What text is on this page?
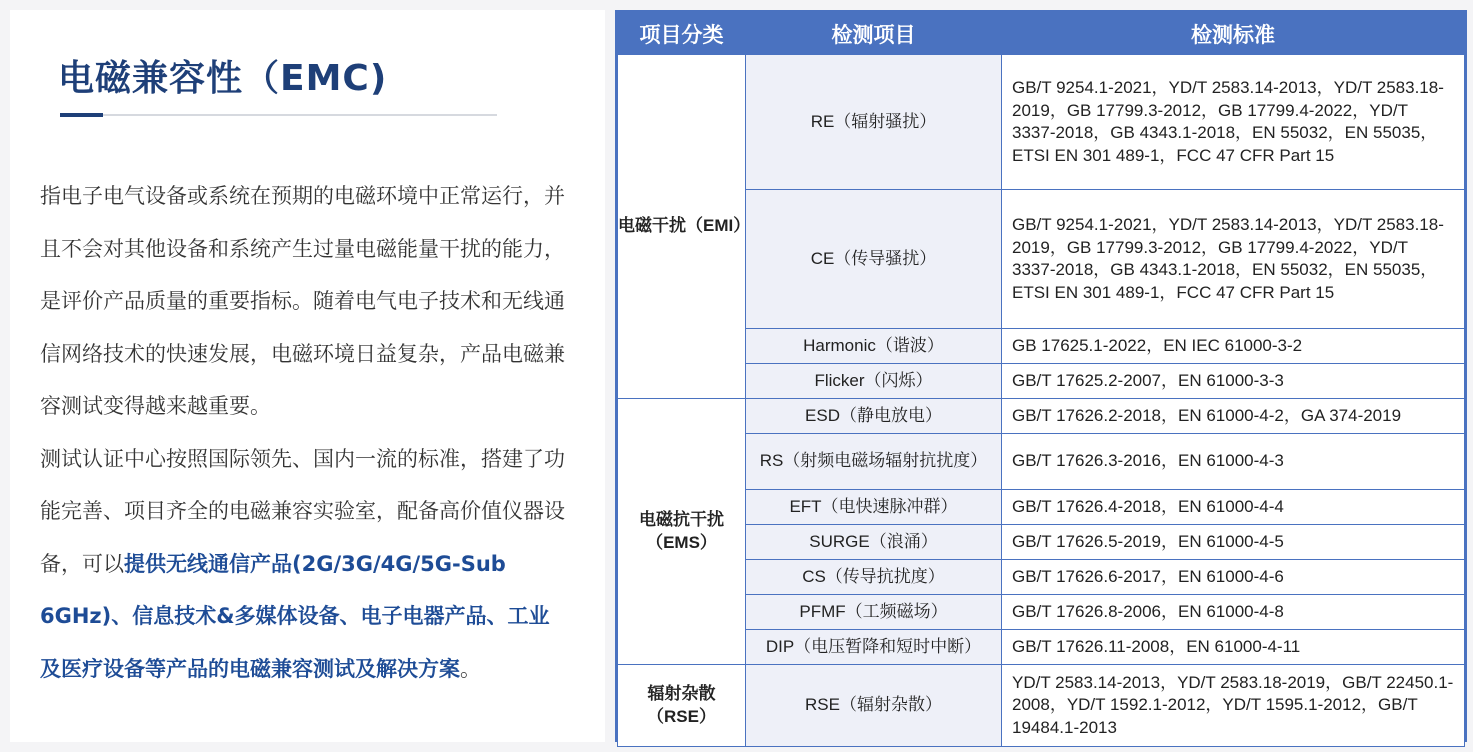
电磁兼容性（EMC)

指电子电气设备或系统在预期的电磁环境中正常运行，并且不会对其他设备和系统产生过量电磁能量干扰的能力，是评价产品质量的重要指标。随着电气电子技术和无线通信网络技术的快速发展，电磁环境日益复杂，产品电磁兼容测试变得越来越重要。

测试认证中心按照国际领先、国内一流的标准，搭建了功能完善、项目齐全的电磁兼容实验室，配备高价值仪器设备，可以提供无线通信产品(2G/3G/4G/5G-Sub 6GHz)、信息技术&多媒体设备、电子电器产品、工业及医疗设备等产品的电磁兼容测试及解决方案。

项目分类	检测项目	检测标准
电磁干扰（EMI）	RE（辐射骚扰）	GB/T 9254.1-2021，YD/T 2583.14-2013，YD/T 2583.18-2019，GB 17799.3-2012，GB 17799.4-2022，YD/T 3337-2018，GB 4343.1-2018，EN 55032，EN 55035，ETSI EN 301 489-1，FCC 47 CFR Part 15
	CE（传导骚扰）	GB/T 9254.1-2021，YD/T 2583.14-2013，YD/T 2583.18-2019，GB 17799.3-2012，GB 17799.4-2022，YD/T 3337-2018，GB 4343.1-2018，EN 55032，EN 55035，ETSI EN 301 489-1，FCC 47 CFR Part 15
	Harmonic（谐波）	GB 17625.1-2022，EN IEC 61000-3-2
	Flicker（闪烁）	GB/T 17625.2-2007，EN 61000-3-3
电磁抗干扰（EMS）	ESD（静电放电）	GB/T 17626.2-2018，EN 61000-4-2，GA 374-2019
	RS（射频电磁场辐射抗扰度）	GB/T 17626.3-2016，EN 61000-4-3
	EFT（电快速脉冲群）	GB/T 17626.4-2018，EN 61000-4-4
	SURGE（浪涌）	GB/T 17626.5-2019，EN 61000-4-5
	CS（传导抗扰度）	GB/T 17626.6-2017，EN 61000-4-6
	PFMF（工频磁场）	GB/T 17626.8-2006，EN 61000-4-8
	DIP（电压暂降和短时中断）	GB/T 17626.11-2008，EN 61000-4-11
辐射杂散（RSE）	RSE（辐射杂散）	YD/T 2583.14-2013，YD/T 2583.18-2019，GB/T 22450.1-2008，YD/T 1592.1-2012，YD/T 1595.1-2012，GB/T 19484.1-2013
